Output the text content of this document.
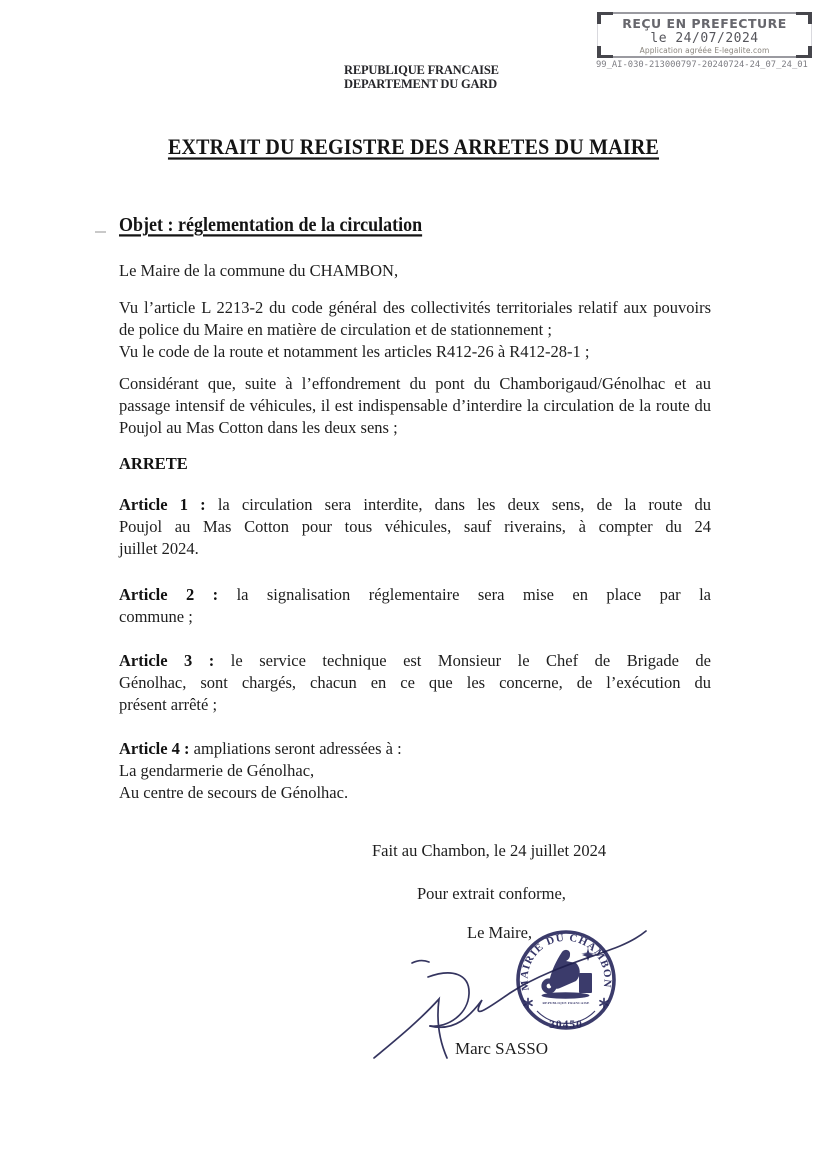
REÇU EN PREFECTURE
le 24/07/2024
Application agréée E-legalite.com
99_AI-030-213000797-20240724-24_07_24_01
REPUBLIQUE FRANCAISE
DEPARTEMENT DU GARD
EXTRAIT DU REGISTRE DES ARRETES DU MAIRE
Objet : réglementation de la circulation
Le Maire de la commune du CHAMBON,
Vu l’article L 2213-2 du code général des collectivités territoriales relatif aux pouvoirs
de police du Maire en matière de circulation et de stationnement ;
Vu le code de la route et notamment les articles R412-26 à R412-28-1 ;
Considérant que, suite à l’effondrement du pont du Chamborigaud/Génolhac et au
passage intensif de véhicules, il est indispensable d’interdire la circulation de la route du
Poujol au Mas Cotton dans les deux sens ;
ARRETE
Article 1 : la circulation sera interdite, dans les deux sens, de la route du
Poujol au Mas Cotton pour tous véhicules, sauf riverains, à compter du 24
juillet 2024.
Article 2 : la signalisation réglementaire sera mise en place par la
commune ;
Article 3 : le service technique est Monsieur le Chef de Brigade de
Génolhac, sont chargés, chacun en ce que les concerne, de l’exécution du
présent arrêté ;
Article 4 : ampliations seront adressées à :
La gendarmerie de Génolhac,
Au centre de secours de Génolhac.
Fait au Chambon, le 24 juillet 2024
Pour extrait conforme,
Le Maire,
MAIRIE DU CHAMBON
REPUBLIQUE FRANCAISE
30450
Marc SASSO
